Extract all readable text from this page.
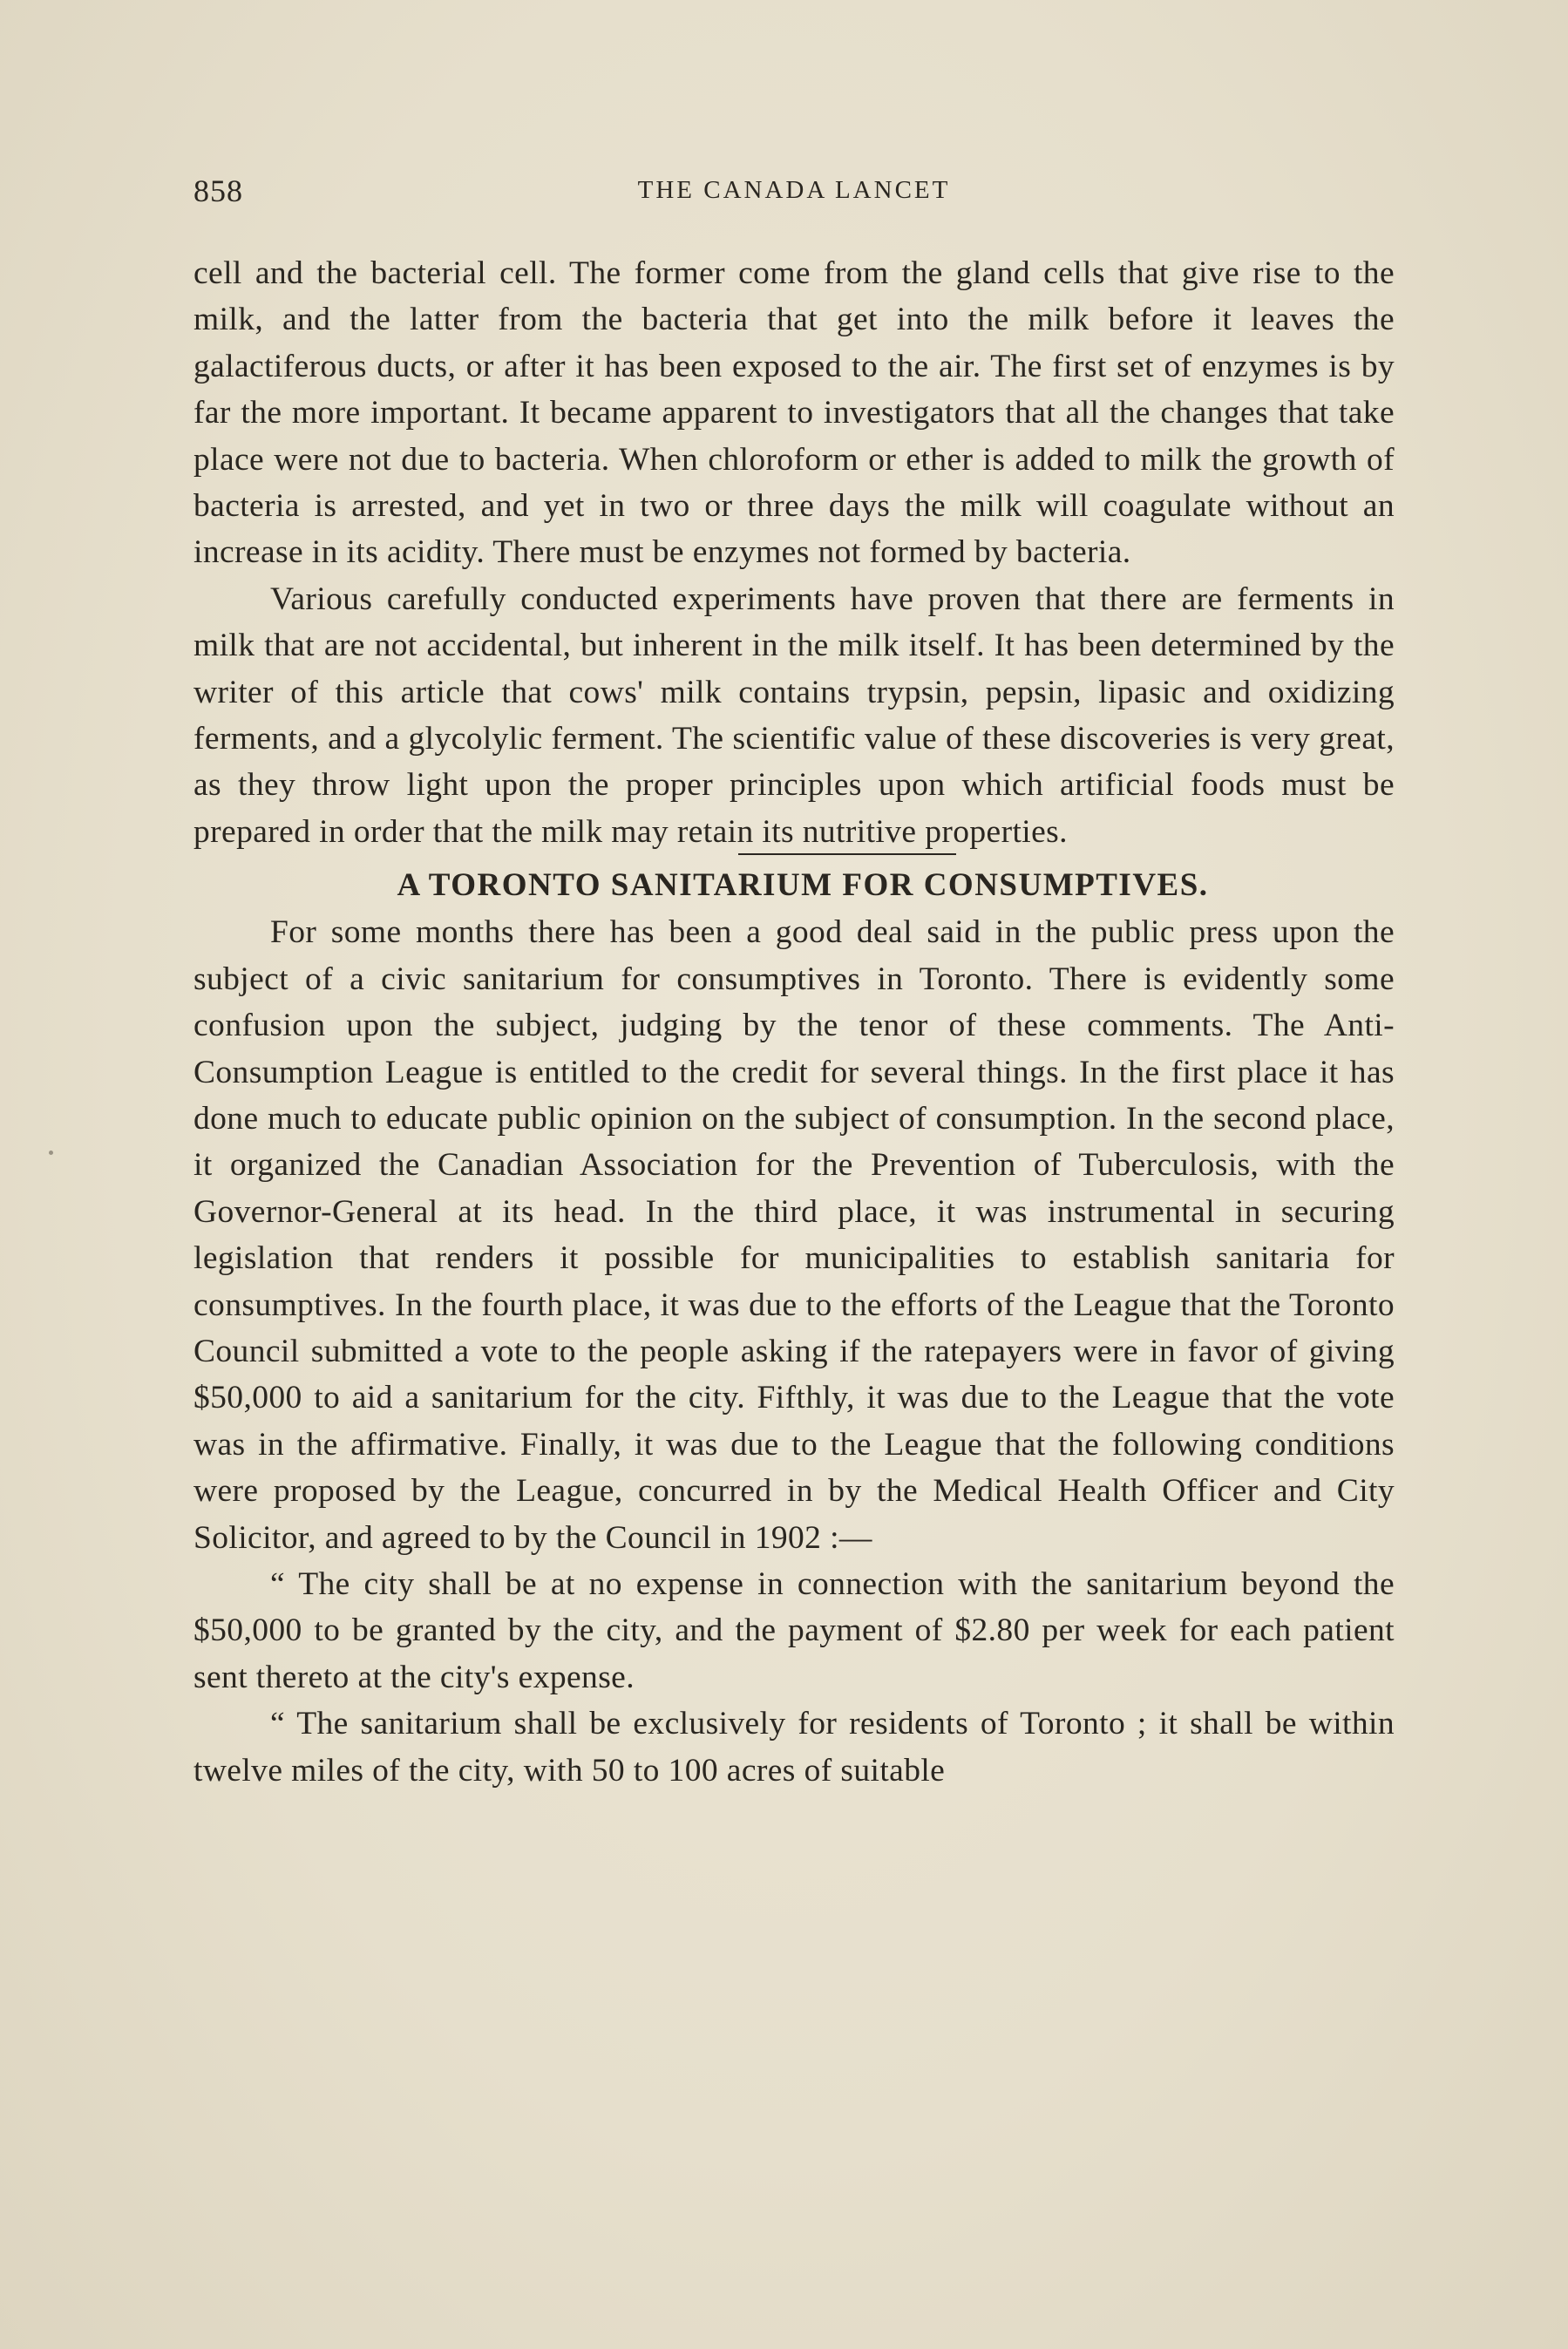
858	THE CANADA LANCET

cell and the bacterial cell. The former come from the gland cells that give rise to the milk, and the latter from the bacteria that get into the milk before it leaves the galactiferous ducts, or after it has been exposed to the air. The first set of enzymes is by far the more important. It became apparent to investigators that all the changes that take place were not due to bacteria. When chloroform or ether is added to milk the growth of bacteria is arrested, and yet in two or three days the milk will coagulate without an increase in its acidity. There must be enzymes not formed by bacteria.

Various carefully conducted experiments have proven that there are ferments in milk that are not accidental, but inherent in the milk itself. It has been determined by the writer of this article that cows' milk contains trypsin, pepsin, lipasic and oxidizing ferments, and a glycolylic ferment. The scientific value of these discoveries is very great, as they throw light upon the proper principles upon which artificial foods must be prepared in order that the milk may retain its nutritive properties.

A TORONTO SANITARIUM FOR CONSUMPTIVES.

For some months there has been a good deal said in the public press upon the subject of a civic sanitarium for consumptives in Toronto. There is evidently some confusion upon the subject, judging by the tenor of these comments. The Anti-Consumption League is entitled to the credit for several things. In the first place it has done much to educate public opinion on the subject of consumption. In the second place, it organized the Canadian Association for the Prevention of Tuberculosis, with the Governor-General at its head. In the third place, it was instrumental in securing legislation that renders it possible for municipalities to establish sanitaria for consumptives. In the fourth place, it was due to the efforts of the League that the Toronto Council submitted a vote to the people asking if the ratepayers were in favor of giving $50,000 to aid a sanitarium for the city. Fifthly, it was due to the League that the vote was in the affirmative. Finally, it was due to the League that the following conditions were proposed by the League, concurred in by the Medical Health Officer and City Solicitor, and agreed to by the Council in 1902 :—

“ The city shall be at no expense in connection with the sanitarium beyond the $50,000 to be granted by the city, and the payment of $2.80 per week for each patient sent thereto at the city's expense.

“ The sanitarium shall be exclusively for residents of Toronto ; it shall be within twelve miles of the city, with 50 to 100 acres of suitable
